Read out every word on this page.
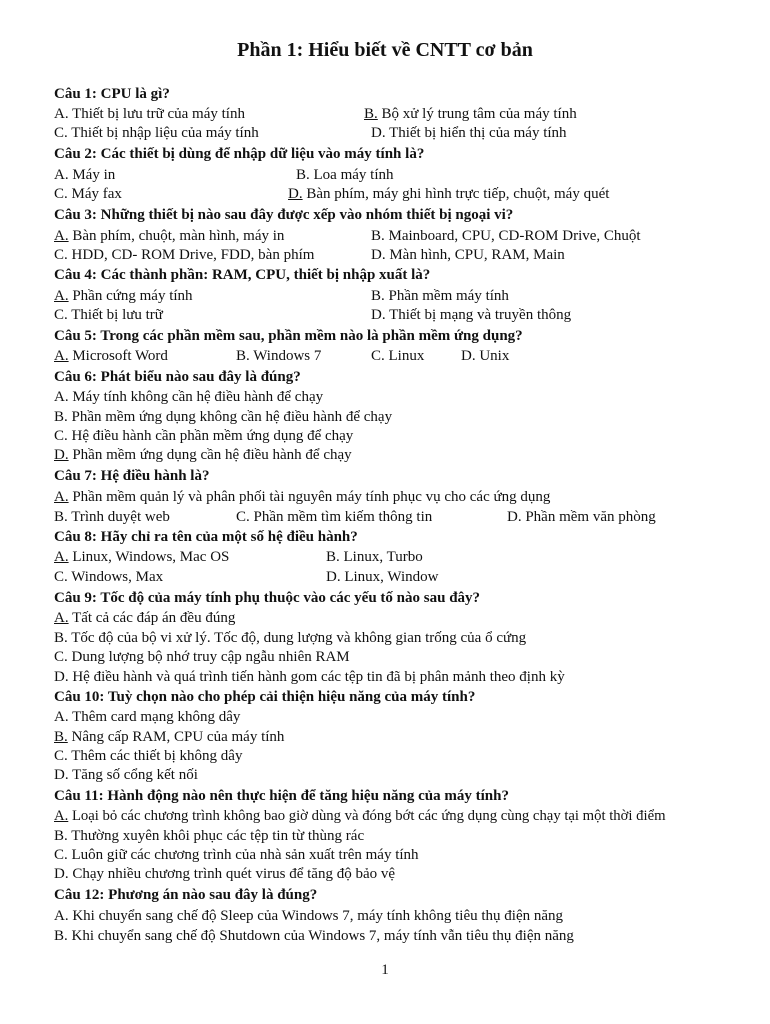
Phần 1: Hiểu biết về CNTT cơ bản
Câu 1: CPU là gì?
A. Thiết bị lưu trữ của máy tính	B. Bộ xử lý trung tâm của máy tính
C. Thiết bị nhập liệu của máy tính	D. Thiết bị hiển thị của máy tính
Câu 2: Các thiết bị dùng để nhập dữ liệu vào máy tính là?
A. Máy in	B. Loa máy tính
C. Máy fax	D. Bàn phím, máy ghi hình trực tiếp, chuột, máy quét
Câu 3: Những thiết bị nào sau đây được xếp vào nhóm thiết bị ngoại vi?
A. Bàn phím, chuột, màn hình, máy in	B. Mainboard, CPU, CD-ROM Drive, Chuột
C. HDD, CD- ROM Drive, FDD, bàn phím	D. Màn hình, CPU, RAM, Main
Câu 4: Các thành phần: RAM, CPU, thiết bị nhập xuất là?
A. Phần cứng máy tính	B. Phần mềm máy tính
C. Thiết bị lưu trữ	D. Thiết bị mạng và truyền thông
Câu 5: Trong các phần mềm sau, phần mềm nào là phần mềm ứng dụng?
A. Microsoft Word	B. Windows 7	C. Linux D. Unix
Câu 6: Phát biểu nào sau đây là đúng?
A. Máy tính không cần hệ điều hành để chạy
B. Phần mềm ứng dụng không cần hệ điều hành để chạy
C. Hệ điều hành cần phần mềm ứng dụng để chạy
D. Phần mềm ứng dụng cần hệ điều hành để chạy
Câu 7: Hệ điều hành là?
A. Phần mềm quản lý và phân phối tài nguyên máy tính phục vụ cho các ứng dụng
B. Trình duyệt web	C. Phần mềm tìm kiếm thông tin	D. Phần mềm văn phòng
Câu 8: Hãy chỉ ra tên của một số hệ điều hành?
A. Linux, Windows, Mac OS	B. Linux, Turbo
C. Windows, Max	D. Linux, Window
Câu 9: Tốc độ của máy tính phụ thuộc vào các yếu tố nào sau đây?
A. Tất cả các đáp án đều đúng
B. Tốc độ của bộ vi xử lý. Tốc độ, dung lượng và không gian trống của ổ cứng
C. Dung lượng bộ nhớ truy cập ngẫu nhiên RAM
D. Hệ điều hành và quá trình tiến hành gom các tệp tin đã bị phân mảnh theo định kỳ
Câu 10: Tuỳ chọn nào cho phép cải thiện hiệu năng của máy tính?
A. Thêm card mạng không dây
B. Nâng cấp RAM, CPU của máy tính
C. Thêm các thiết bị không dây
D. Tăng số cổng kết nối
Câu 11: Hành động nào nên thực hiện để tăng hiệu năng của máy tính?
A. Loại bỏ các chương trình không bao giờ dùng và đóng bớt các ứng dụng cùng chạy tại một thời điểm
B. Thường xuyên khôi phục các tệp tin từ thùng rác
C. Luôn giữ các chương trình của nhà sản xuất trên máy tính
D. Chạy nhiều chương trình quét virus để tăng độ bảo vệ
Câu 12: Phương án nào sau đây là đúng?
A. Khi chuyển sang chế độ Sleep của Windows 7, máy tính không tiêu thụ điện năng
B. Khi chuyển sang chế độ Shutdown của Windows 7, máy tính vẫn tiêu thụ điện năng
1
